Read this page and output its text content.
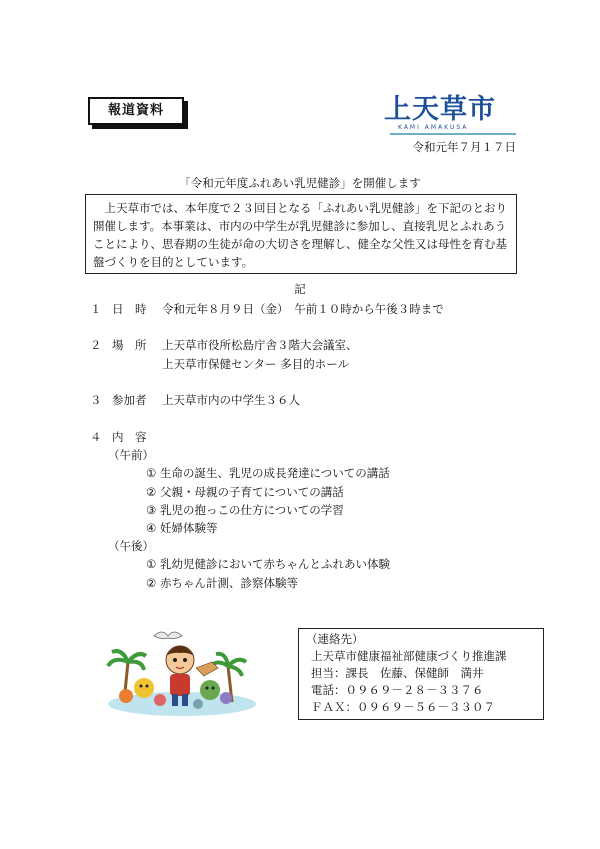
報道資料	上天草市
KAMI AMAKUSA
令和元年７月１７日
「令和元年度ふれあい乳児健診」を開催します

上天草市では、本年度で２３回目となる「ふれあい乳児健診」を下記のとおり開催します。本事業は、市内の中学生が乳児健診に参加し、直接乳児とふれあうことにより、思春期の生徒が命の大切さを理解し、健全な父性又は母性を育む基盤づくりを目的としています。

記
１ 日　時 令和元年８月９日（金）　午前１０時から午後３時まで
２ 場　所 上天草市役所松島庁舎３階大会議室、
上天草市保健センター 多目的ホール
３ 参加者 上天草市内の中学生３６人
４ 内　容
（午前）
① 生命の誕生、乳児の成長発達についての講話
② 父親・母親の子育てについての講話
③ 乳児の抱っこの仕方についての学習
④ 妊婦体験等
（午後）
① 乳幼児健診において赤ちゃんとふれあい体験
② 赤ちゃん計測、診察体験等
（連絡先）
上天草市健康福祉部健康づくり推進課
担当：課長　佐藤、保健師　満井
電話：０９６９－２８－３３７６
ＦＡＸ：０９６９－５６－３３０７
